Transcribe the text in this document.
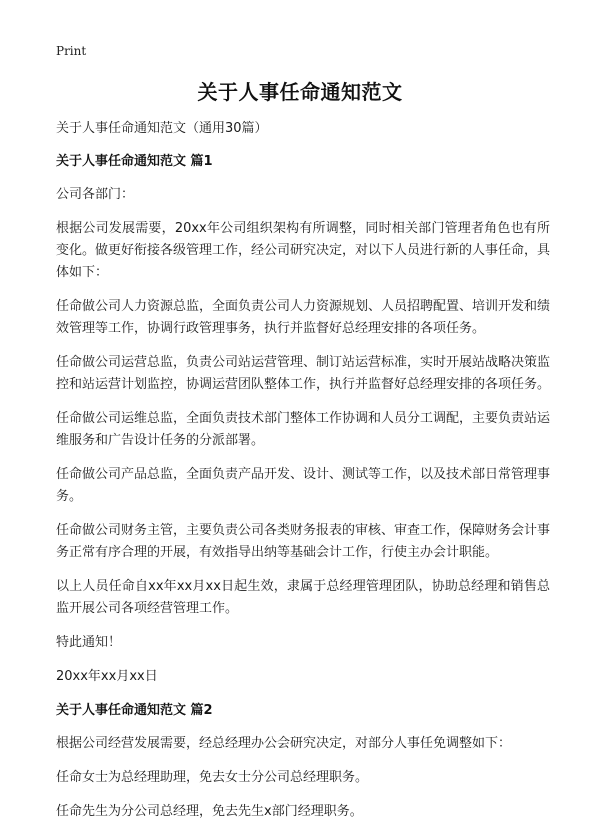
Print
关于人事任命通知范文

关于人事任命通知范文（通用30篇）

关于人事任命通知范文 篇1

公司各部门：

根据公司发展需要，20xx年公司组织架构有所调整，同时相关部门管理者角色也有所变化。做更好衔接各级管理工作，经公司研究决定，对以下人员进行新的人事任命，具体如下：

任命做公司人力资源总监，全面负责公司人力资源规划、人员招聘配置、培训开发和绩效管理等工作，协调行政管理事务，执行并监督好总经理安排的各项任务。

任命做公司运营总监，负责公司站运营管理、制订站运营标准，实时开展站战略决策监控和站运营计划监控，协调运营团队整体工作，执行并监督好总经理安排的各项任务。

任命做公司运维总监，全面负责技术部门整体工作协调和人员分工调配，主要负责站运维服务和广告设计任务的分派部署。

任命做公司产品总监，全面负责产品开发、设计、测试等工作，以及技术部日常管理事务。

任命做公司财务主管，主要负责公司各类财务报表的审核、审查工作，保障财务会计事务正常有序合理的开展，有效指导出纳等基础会计工作，行使主办会计职能。

以上人员任命自xx年xx月xx日起生效，隶属于总经理管理团队，协助总经理和销售总监开展公司各项经营管理工作。

特此通知！

20xx年xx月xx日

关于人事任命通知范文 篇2

根据公司经营发展需要，经总经理办公会研究决定，对部分人事任免调整如下：

任命女士为总经理助理，免去女士分公司总经理职务。

任命先生为分公司总经理，免去先生x部门经理职务。
